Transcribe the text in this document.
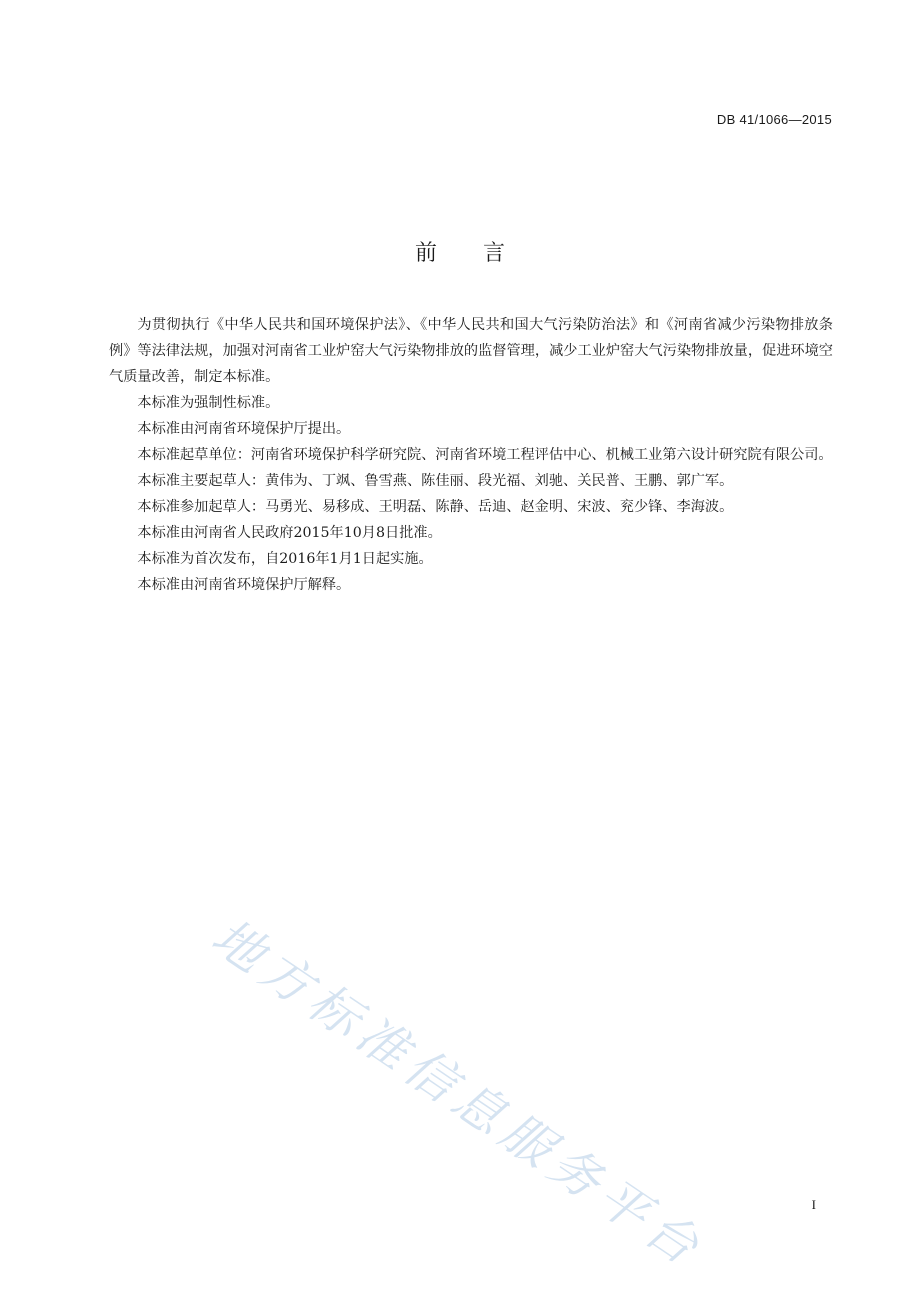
DB 41/1066—2015
前言

为贯彻执行《中华人民共和国环境保护法》、《中华人民共和国大气污染防治法》和《河南省减少污染物排放条例》等法律法规，加强对河南省工业炉窑大气污染物排放的监督管理，减少工业炉窑大气污染物排放量，促进环境空气质量改善，制定本标准。

本标准为强制性标准。

本标准由河南省环境保护厅提出。

本标准起草单位：河南省环境保护科学研究院、河南省环境工程评估中心、机械工业第六设计研究院有限公司。

本标准主要起草人：黄伟为、丁飒、鲁雪燕、陈佳丽、段光福、刘驰、关民普、王鹏、郭广军。

本标准参加起草人：马勇光、易移成、王明磊、陈静、岳迪、赵金明、宋波、兖少锋、李海波。

本标准由河南省人民政府2015年10月8日批准。

本标准为首次发布，自2016年1月1日起实施。

本标准由河南省环境保护厅解释。

地方标准信息服务平台	I
